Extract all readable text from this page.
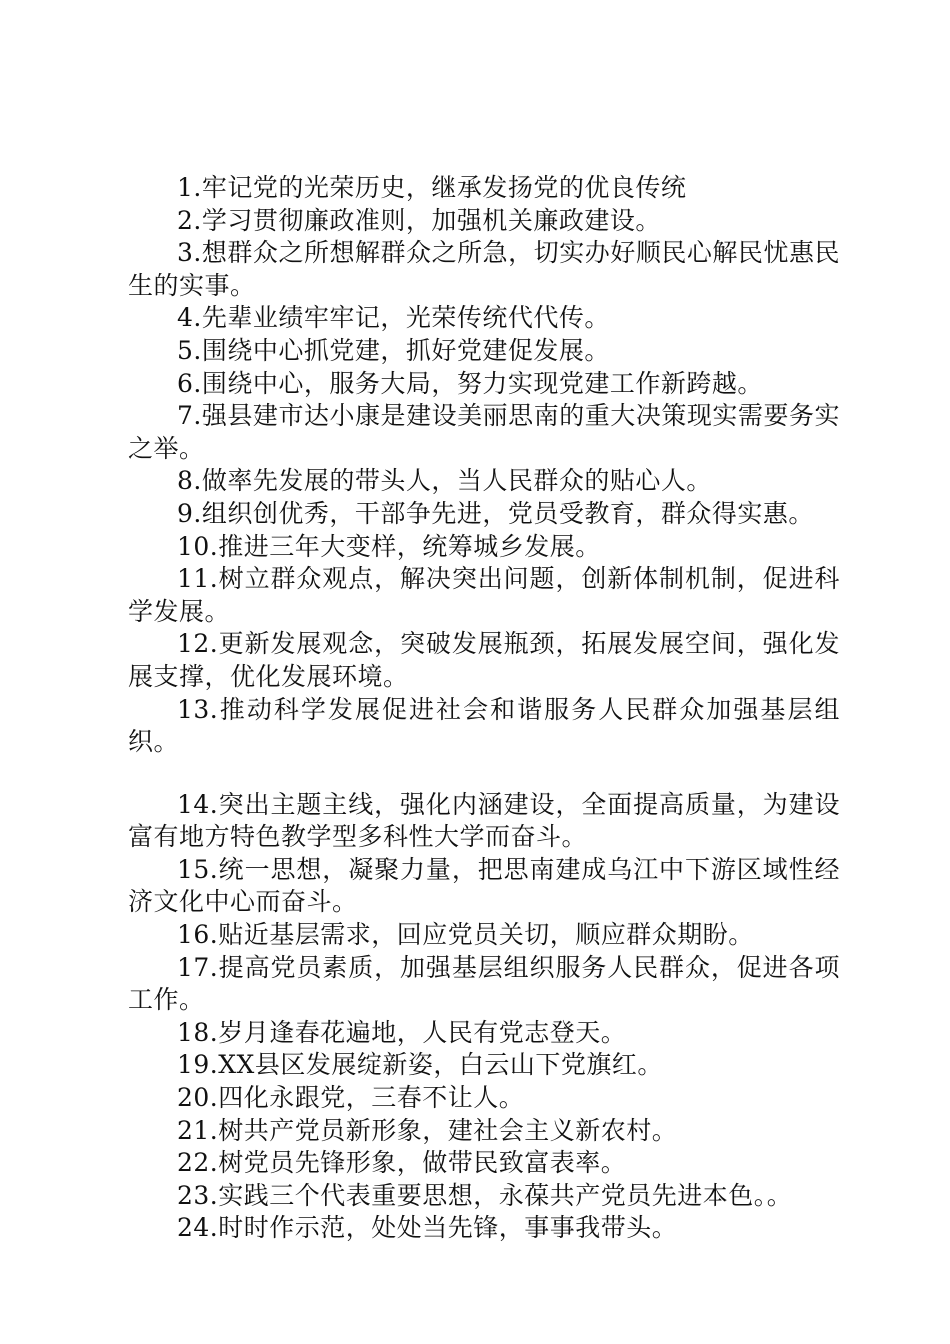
1.牢记党的光荣历史，继承发扬党的优良传统

2.学习贯彻廉政准则，加强机关廉政建设。

3.想群众之所想解群众之所急，切实办好顺民心解民忧惠民生的实事。

4.先辈业绩牢牢记，光荣传统代代传。

5.围绕中心抓党建，抓好党建促发展。

6.围绕中心，服务大局，努力实现党建工作新跨越。

7.强县建市达小康是建设美丽思南的重大决策现实需要务实之举。

8.做率先发展的带头人，当人民群众的贴心人。

9.组织创优秀，干部争先进，党员受教育，群众得实惠。

10.推进三年大变样，统筹城乡发展。

11.树立群众观点，解决突出问题，创新体制机制，促进科学发展。

12.更新发展观念，突破发展瓶颈，拓展发展空间，强化发展支撑，优化发展环境。

13.推动科学发展促进社会和谐服务人民群众加强基层组织。

14.突出主题主线，强化内涵建设，全面提高质量，为建设富有地方特色教学型多科性大学而奋斗。

15.统一思想，凝聚力量，把思南建成乌江中下游区域性经济文化中心而奋斗。

16.贴近基层需求，回应党员关切，顺应群众期盼。

17.提高党员素质，加强基层组织服务人民群众，促进各项工作。

18.岁月逢春花遍地，人民有党志登天。

19.XX县区发展绽新姿，白云山下党旗红。

20.四化永跟党，三春不让人。

21.树共产党员新形象，建社会主义新农村。

22.树党员先锋形象，做带民致富表率。

23.实践三个代表重要思想，永葆共产党员先进本色。。

24.时时作示范，处处当先锋，事事我带头。
